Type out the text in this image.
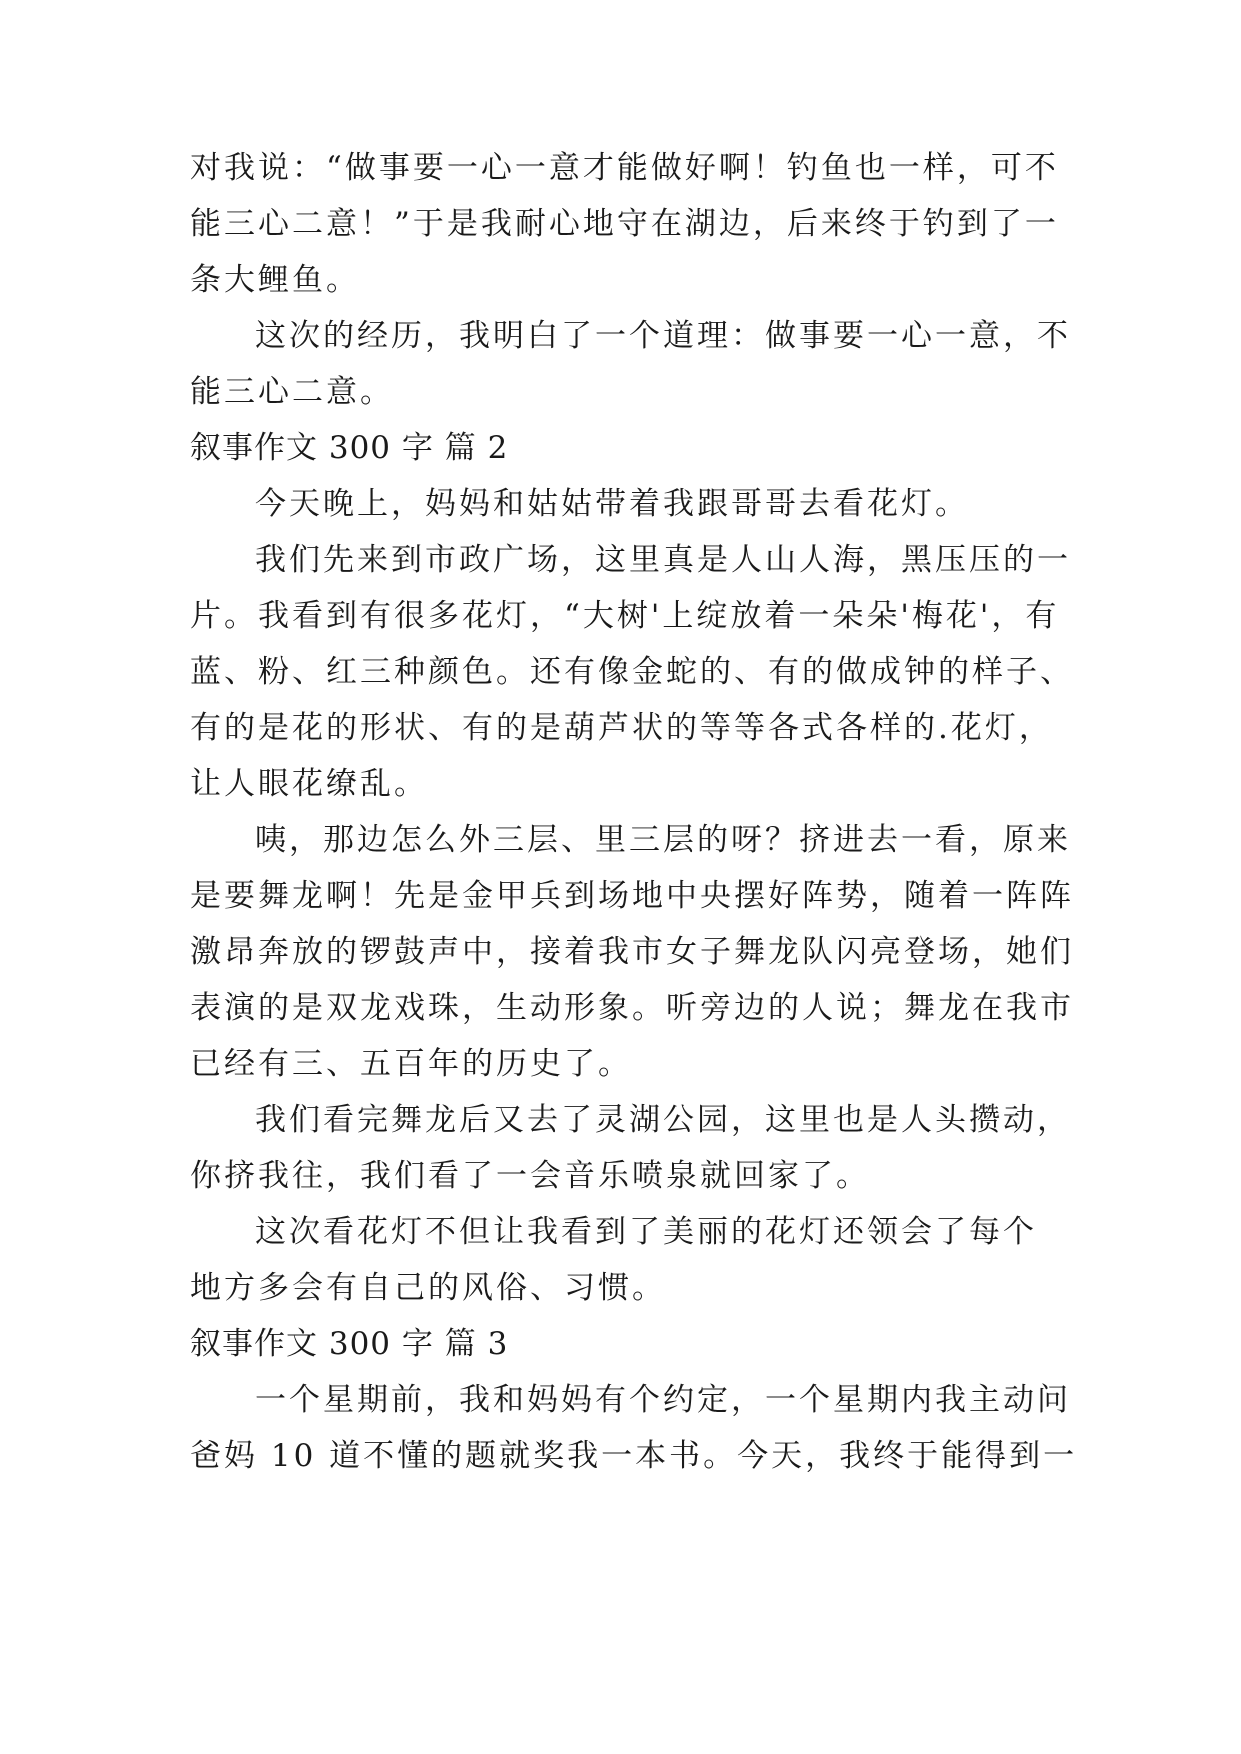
对我说：“做事要一心一意才能做好啊！钓鱼也一样，可不
能三心二意！”于是我耐心地守在湖边，后来终于钓到了一
条大鲤鱼。
这次的经历，我明白了一个道理：做事要一心一意，不
能三心二意。
叙事作文 300 字 篇 2
今天晚上，妈妈和姑姑带着我跟哥哥去看花灯。
我们先来到市政广场，这里真是人山人海，黑压压的一
片。我看到有很多花灯，“大树'上绽放着一朵朵'梅花'，有
蓝、粉、红三种颜色。还有像金蛇的、有的做成钟的样子、
有的是花的形状、有的是葫芦状的等等各式各样的.花灯，
让人眼花缭乱。
咦，那边怎么外三层、里三层的呀？挤进去一看，原来
是要舞龙啊！先是金甲兵到场地中央摆好阵势，随着一阵阵
激昂奔放的锣鼓声中，接着我市女子舞龙队闪亮登场，她们
表演的是双龙戏珠，生动形象。听旁边的人说；舞龙在我市
已经有三、五百年的历史了。
我们看完舞龙后又去了灵湖公园，这里也是人头攒动，
你挤我往，我们看了一会音乐喷泉就回家了。
这次看花灯不但让我看到了美丽的花灯还领会了每个
地方多会有自己的风俗、习惯。
叙事作文 300 字 篇 3
一个星期前，我和妈妈有个约定，一个星期内我主动问
爸妈 10 道不懂的题就奖我一本书。今天，我终于能得到一
